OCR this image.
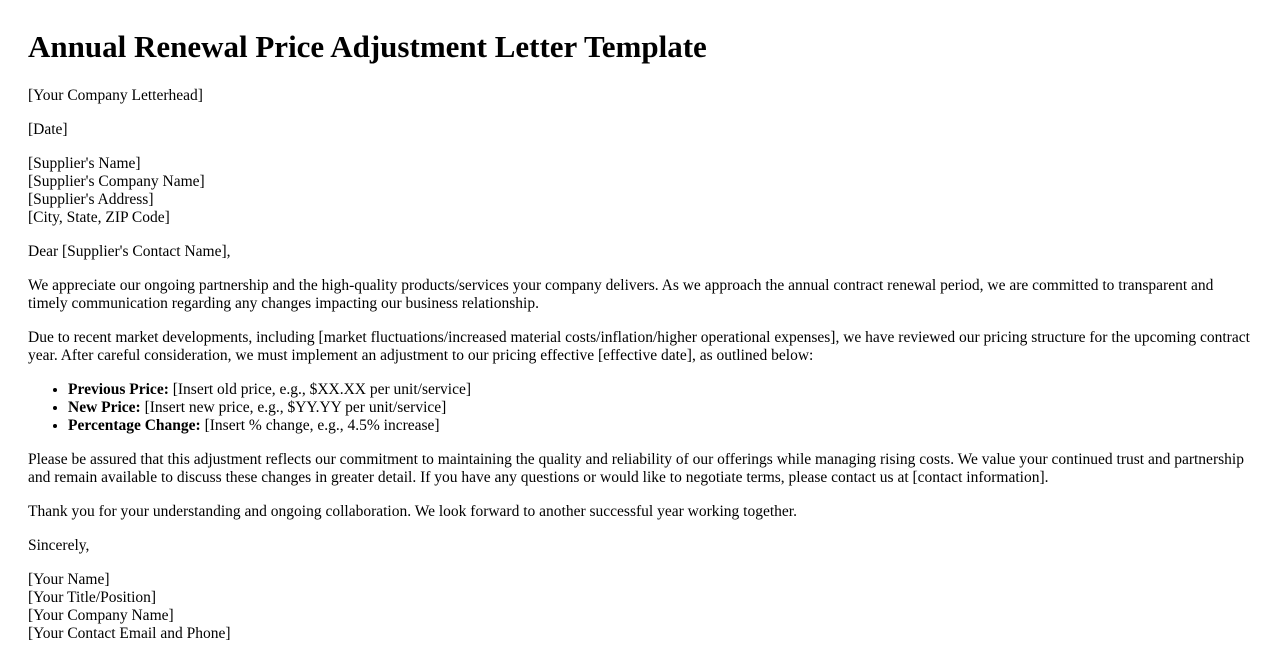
Annual Renewal Price Adjustment Letter Template

[Your Company Letterhead]

[Date]

[Supplier's Name]
[Supplier's Company Name]
[Supplier's Address]
[City, State, ZIP Code]

Dear [Supplier's Contact Name],

We appreciate our ongoing partnership and the high-quality products/services your company delivers. As we approach the annual contract renewal period, we are committed to transparent and timely communication regarding any changes impacting our business relationship.

Due to recent market developments, including [market fluctuations/increased material costs/inflation/higher operational expenses], we have reviewed our pricing structure for the upcoming contract year. After careful consideration, we must implement an adjustment to our pricing effective [effective date], as outlined below:

• Previous Price: [Insert old price, e.g., $XX.XX per unit/service]
• New Price: [Insert new price, e.g., $YY.YY per unit/service]
• Percentage Change: [Insert % change, e.g., 4.5% increase]

Please be assured that this adjustment reflects our commitment to maintaining the quality and reliability of our offerings while managing rising costs. We value your continued trust and partnership and remain available to discuss these changes in greater detail. If you have any questions or would like to negotiate terms, please contact us at [contact information].

Thank you for your understanding and ongoing collaboration. We look forward to another successful year working together.

Sincerely,

[Your Name]
[Your Title/Position]
[Your Company Name]
[Your Contact Email and Phone]
